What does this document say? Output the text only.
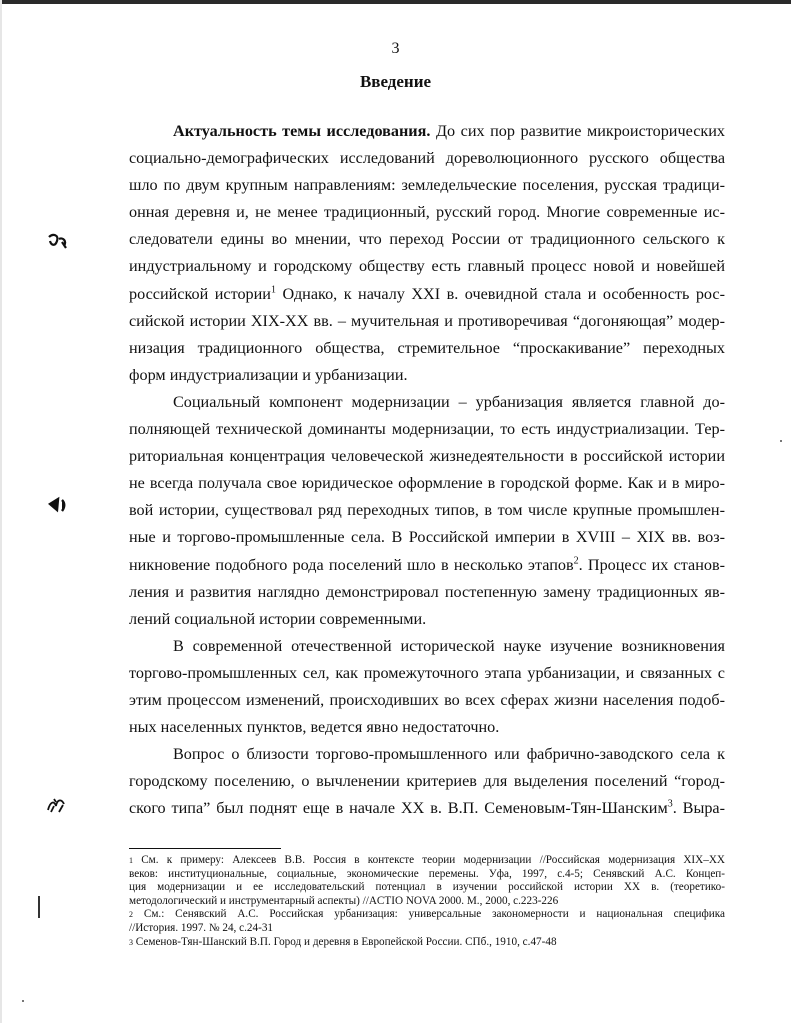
3
Введение
Актуальность темы исследования. До сих пор развитие микроисторических
социально-демографических исследований дореволюционного русского общества
шло по двум крупным направлениям: земледельческие поселения, русская традици-
онная деревня и, не менее традиционный, русский город. Многие современные ис-
следователи едины во мнении, что переход России от традиционного сельского к
индустриальному и городскому обществу есть главный процесс новой и новейшей
российской истории$^1$ Однако, к началу XXI в. очевидной стала и особенность рос-
сийской истории XIX-XX вв. – мучительная и противоречивая “догоняющая” модер-
низация традиционного общества, стремительное “проскакивание” переходных
форм индустриализации и урбанизации.
Социальный компонент модернизации – урбанизация является главной до-
полняющей технической доминанты модернизации, то есть индустриализации. Тер-
риториальная концентрация человеческой жизнедеятельности в российской истории
не всегда получала свое юридическое оформление в городской форме. Как и в миро-
вой истории, существовал ряд переходных типов, в том числе крупные промышлен-
ные и торгово-промышленные села. В Российской империи в XVIII – XIX вв. воз-
никновение подобного рода поселений шло в несколько этапов$^2$. Процесс их станов-
ления и развития наглядно демонстрировал постепенную замену традиционных яв-
лений социальной истории современными.
В современной отечественной исторической науке изучение возникновения
торгово-промышленных сел, как промежуточного этапа урбанизации, и связанных с
этим процессом изменений, происходивших во всех сферах жизни населения подоб-
ных населенных пунктов, ведется явно недостаточно.
Вопрос о близости торгово-промышленного или фабрично-заводского села к
городскому поселению, о вычленении критериев для выделения поселений “город-
ского типа” был поднят еще в начале XX в. В.П. Семеновым-Тян-Шанским$^3$. Выра-
$^1$ См. к примеру: Алексеев В.В. Россия в контексте теории модернизации //Российская модернизация XIX–XX
веков: институциональные, социальные, экономические перемены. Уфа, 1997, с.4-5; Сенявский А.С. Концеп-
ция модернизации и ее исследовательский потенциал в изучении российской истории XX в. (теоретико-
методологический и инструментарный аспекты) //ACTIO NOVA 2000. М., 2000, с.223-226
$^2$ См.: Сенявский А.С. Российская урбанизация: универсальные закономерности и национальная специфика
//История. 1997. № 24, с.24-31
$^3$ Семенов-Тян-Шанский В.П. Город и деревня в Европейской России. СПб., 1910, с.47-48
